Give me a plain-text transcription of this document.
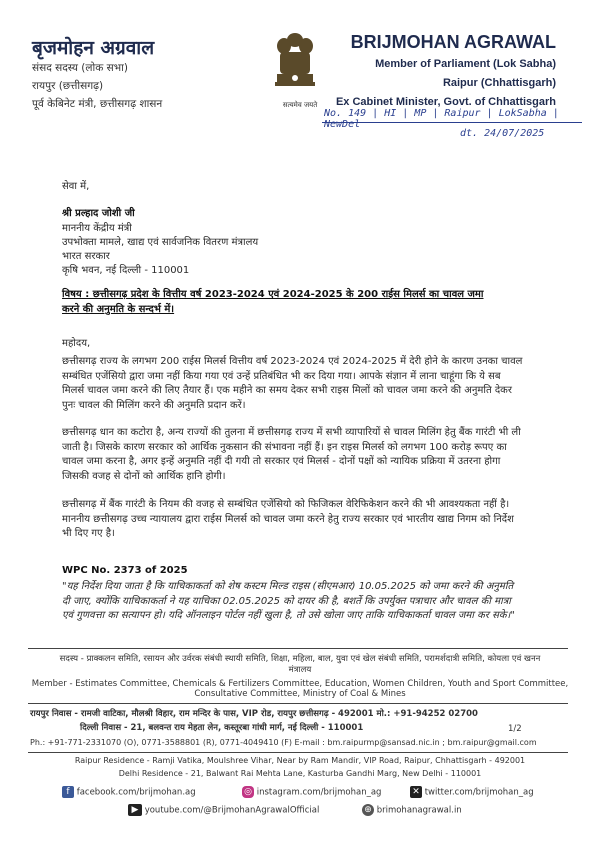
बृजमोहन अग्रवाल
संसद सदस्य (लोक सभा)
रायपुर (छत्तीसगढ़)
पूर्व केबिनेट मंत्री, छत्तीसगढ़ शासन	सत्यमेव जयते
BRIJMOHAN AGRAWAL
Member of Parliament (Lok Sabha)
Raipur (Chhattisgarh)
Ex Cabinet Minister, Govt. of Chhattisgarh
No. 149 | HI | MP | Raipur | LokSabha | NewDel
dt. 24/07/2025
सेवा में,
श्री प्रल्हाद जोशी जी
माननीय केंद्रीय मंत्री
उपभोक्ता मामले, खाद्य एवं सार्वजनिक वितरण मंत्रालय
भारत सरकार
कृषि भवन, नई दिल्ली - 110001
विषय : छत्तीसगढ़ प्रदेश के वित्तीय वर्ष 2023-2024 एवं 2024-2025 के 200 राईस मिलर्स का चावल जमा
करने की अनुमति के सन्दर्भ में।
महोदय,
छत्तीसगढ़ राज्य के लगभग 200 राईस मिलर्स वित्तीय वर्ष 2023-2024 एवं 2024-2025 में देरी होने के कारण उनका चावल सम्बंधित एजेंसियो द्वारा जमा नहीं किया गया एवं उन्हें प्रतिबंधित भी कर दिया गया। आपके संज्ञान में लाना चाहूंगा कि ये सब मिलर्स चावल जमा करने की लिए तैयार हैं। एक महीने का समय देकर सभी राइस मिलों को चावल जमा करने की अनुमति देकर पुनः चावल की मिलिंग करने की अनुमति प्रदान करें।
छत्तीसगढ़ धान का कटोरा है, अन्य राज्यों की तुलना में छत्तीसगढ़ राज्य में सभी व्यापारियों से चावल मिलिंग हेतु बैंक गारंटी भी ली जाती है। जिसके कारण सरकार को आर्थिक नुकसान की संभावना नहीं हैं। इन राइस मिलर्स को लगभग 100 करोड़ रूपए का चावल जमा करना है, अगर इन्हें अनुमति नहीं दी गयी तो सरकार एवं मिलर्स - दोनों पक्षों को न्यायिक प्रक्रिया में उतरना होगा जिसकी वजह से दोनों को आर्थिक हानि होगी।
छत्तीसगढ़ में बैंक गारंटी के नियम की वजह से सम्बंधित एजेंसियो को फिजिकल वेरिफिकेशन करने की भी आवश्यकता नहीं है। माननीय छत्तीसगढ़ उच्च न्यायालय द्वारा राईस मिलर्स को चावल जमा करने हेतु राज्य सरकार एवं भारतीय खाद्य निगम को निर्देश भी दिए गए है।
WPC No. 2373 of 2025
"यह निर्देश दिया जाता है कि याचिकाकर्ता को शेष कस्टम मिल्ड राइस (सीएमआर) 10.05.2025 को जमा करने की अनुमति दी जाए, क्योंकि याचिकाकर्ता ने यह याचिका 02.05.2025 को दायर की है, बशर्ते कि उपर्युक्त पत्राचार और चावल की मात्रा एवं गुणवत्ता का सत्यापन हो। यदि ऑनलाइन पोर्टल नहीं खुला है, तो उसे खोला जाए ताकि याचिकाकर्ता चावल जमा कर सके।"
सदस्य - प्राक्कलन समिति, रसायन और उर्वरक संबंधी स्थायी समिति, शिक्षा, महिला, बाल, युवा एवं खेल संबंधी समिति, परामर्शदात्री समिति, कोयला एवं खनन मंत्रालय
Member - Estimates Committee, Chemicals & Fertilizers Committee, Education, Women Children, Youth and Sport Committee, Consultative Committee, Ministry of Coal & Mines
रायपुर निवास - रामजी वाटिका, मौलश्री विहार, राम मन्दिर के पास, VIP रोड, रायपुर छत्तीसगढ़ - 492001 मो.: +91-94252 02700
दिल्ली निवास - 21, बलवन्त राय मेहता लेन, कस्तूरबा गांधी मार्ग, नई दिल्ली - 110001	1/2
Ph.: +91-771-2331070 (O), 0771-3588801 (R), 0771-4049410 (F) E-mail : bm.raipurmp@sansad.nic.in ; bm.raipur@gmail.com
Raipur Residence - Ramji Vatika, Moulshree Vihar, Near by Ram Mandir, VIP Road, Raipur, Chhattisgarh - 492001
Delhi Residence - 21, Balwant Rai Mehta Lane, Kasturba Gandhi Marg, New Delhi - 110001
f facebook.com/brijmohan.ag	◎ instagram.com/brijmohan_ag	✕ twitter.com/brijmohan_ag
▶ youtube.com/@BrijmohanAgrawalOfficial	⊕ brimohanagrawal.in
